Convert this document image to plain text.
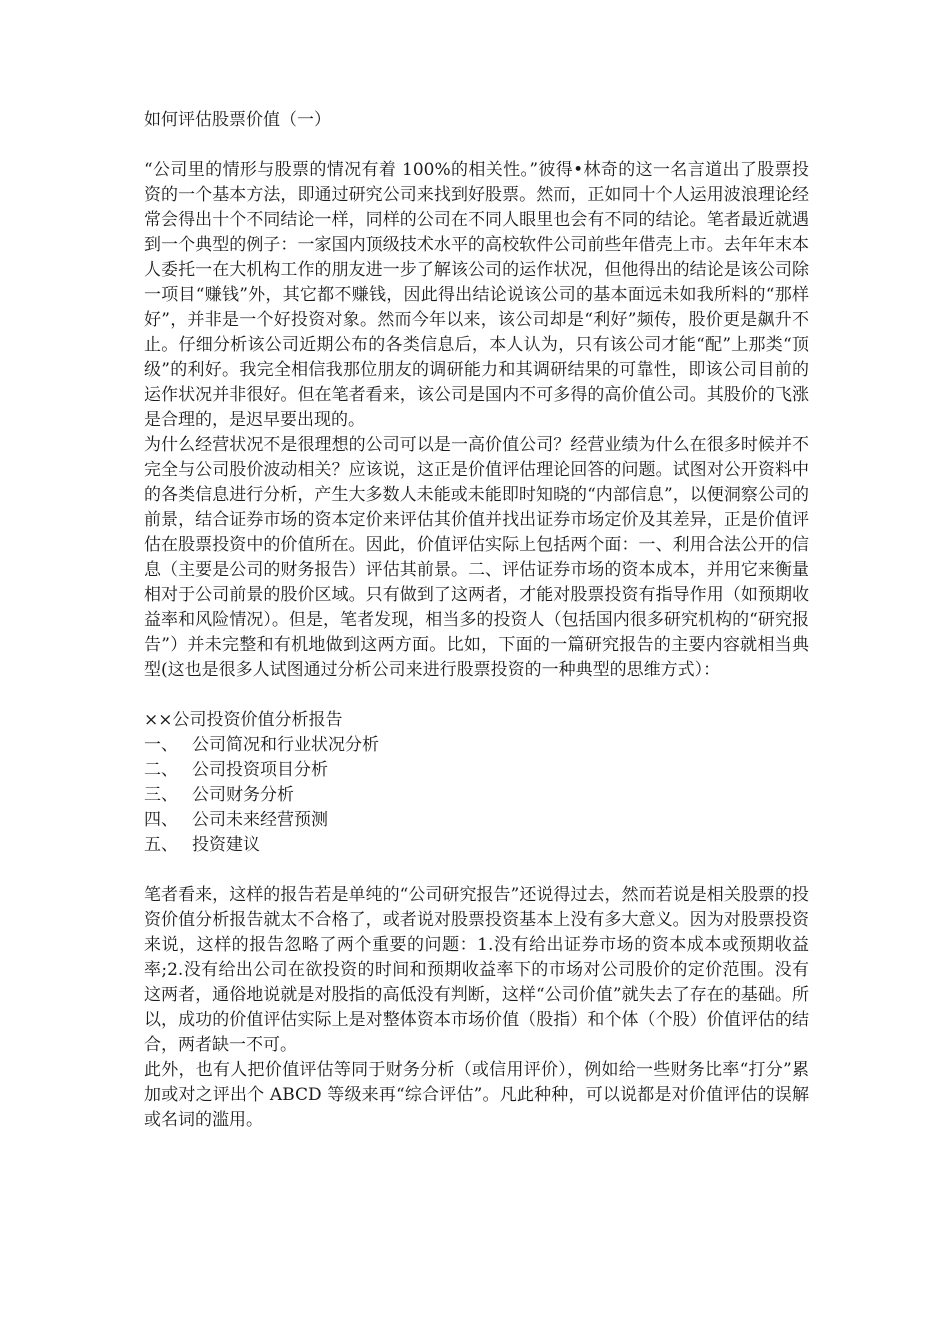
如何评估股票价值（一）

“公司里的情形与股票的情况有着 100%的相关性。”彼得•林奇的这一名言道出了股票投资的一个基本方法，即通过研究公司来找到好股票。然而，正如同十个人运用波浪理论经常会得出十个不同结论一样，同样的公司在不同人眼里也会有不同的结论。笔者最近就遇到一个典型的例子：一家国内顶级技术水平的高校软件公司前些年借壳上市。去年年末本人委托一在大机构工作的朋友进一步了解该公司的运作状况，但他得出的结论是该公司除一项目“赚钱”外，其它都不赚钱，因此得出结论说该公司的基本面远未如我所料的“那样好”，并非是一个好投资对象。然而今年以来，该公司却是“利好”频传，股价更是飙升不止。仔细分析该公司近期公布的各类信息后，本人认为，只有该公司才能“配”上那类“顶级”的利好。我完全相信我那位朋友的调研能力和其调研结果的可靠性，即该公司目前的运作状况并非很好。但在笔者看来，该公司是国内不可多得的高价值公司。其股价的飞涨是合理的，是迟早要出现的。

为什么经营状况不是很理想的公司可以是一高价值公司？经营业绩为什么在很多时候并不完全与公司股价波动相关？应该说，这正是价值评估理论回答的问题。试图对公开资料中的各类信息进行分析，产生大多数人未能或未能即时知晓的“内部信息”，以便洞察公司的前景，结合证券市场的资本定价来评估其价值并找出证券市场定价及其差异，正是价值评估在股票投资中的价值所在。因此，价值评估实际上包括两个面：一、利用合法公开的信息（主要是公司的财务报告）评估其前景。二、评估证券市场的资本成本，并用它来衡量相对于公司前景的股价区域。只有做到了这两者，才能对股票投资有指导作用（如预期收益率和风险情况）。但是，笔者发现，相当多的投资人（包括国内很多研究机构的“研究报告”）并未完整和有机地做到这两方面。比如，下面的一篇研究报告的主要内容就相当典型(这也是很多人试图通过分析公司来进行股票投资的一种典型的思维方式）：

××公司投资价值分析报告

一、 公司简况和行业状况分析
二、 公司投资项目分析
三、 公司财务分析
四、 公司未来经营预测
五、 投资建议

笔者看来，这样的报告若是单纯的“公司研究报告”还说得过去，然而若说是相关股票的投资价值分析报告就太不合格了，或者说对股票投资基本上没有多大意义。因为对股票投资来说，这样的报告忽略了两个重要的问题：1.没有给出证券市场的资本成本或预期收益率;2.没有给出公司在欲投资的时间和预期收益率下的市场对公司股价的定价范围。没有这两者，通俗地说就是对股指的高低没有判断，这样“公司价值”就失去了存在的基础。所以，成功的价值评估实际上是对整体资本市场价值（股指）和个体（个股）价值评估的结合，两者缺一不可。

此外，也有人把价值评估等同于财务分析（或信用评价），例如给一些财务比率“打分”累加或对之评出个 ABCD 等级来再“综合评估”。凡此种种，可以说都是对价值评估的误解或名词的滥用。
